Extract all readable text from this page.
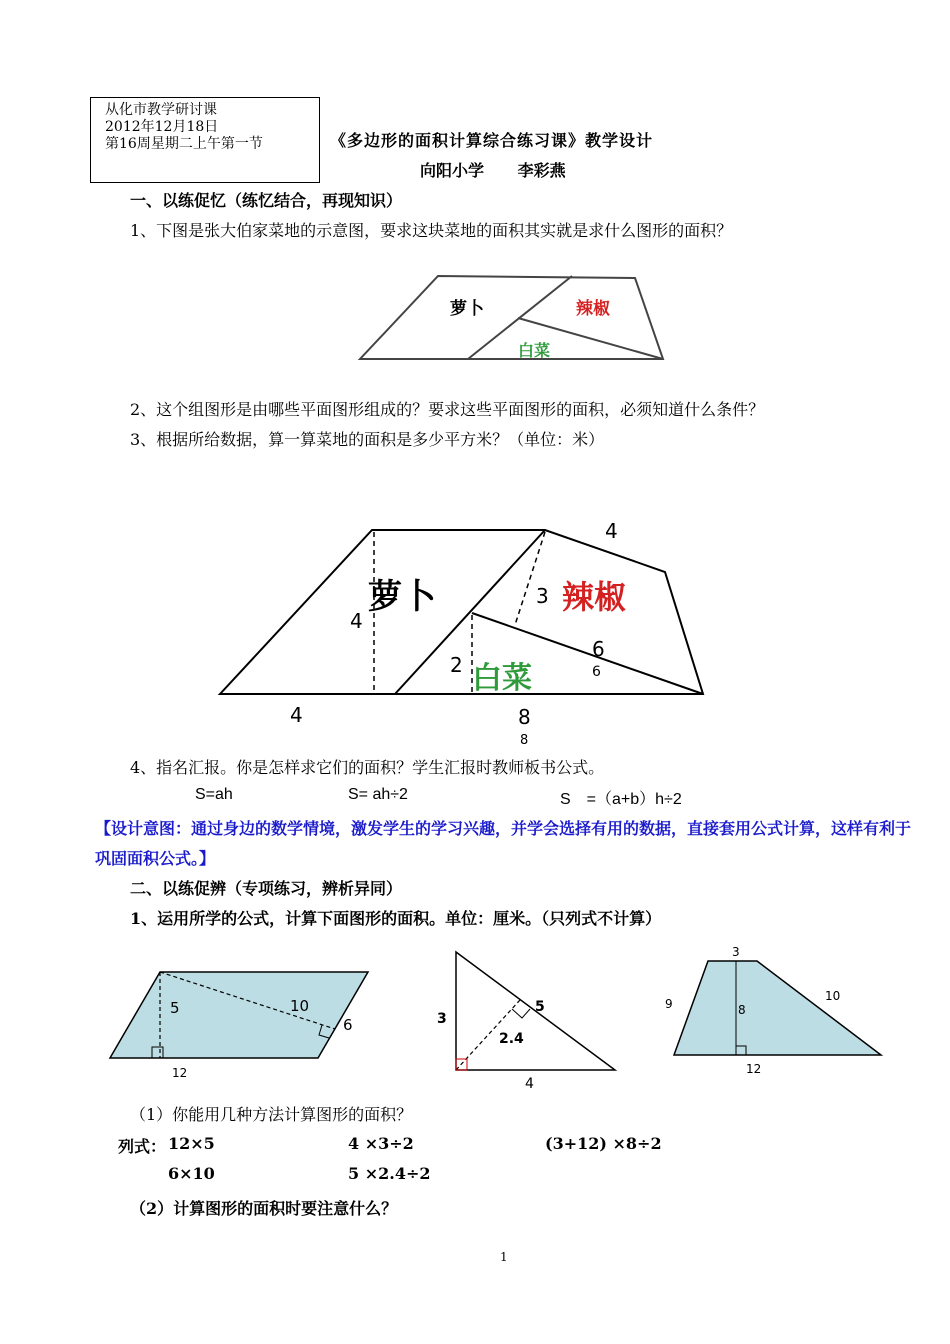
从化市教学研讨课
2012年12月18日
第16周星期二上午第一节	《多边形的面积计算综合练习课》教学设计
向阳小学 李彩燕
一、以练促忆（练忆结合，再现知识）
1、下图是张大伯家菜地的示意图，要求这块菜地的面积其实就是求什么图形的面积？
萝卜	辣椒
白菜
2、这个组图形是由哪些平面图形组成的？要求这些平面图形的面积，必须知道什么条件？
3、根据所给数据，算一算菜地的面积是多少平方米？（单位：米）
萝卜	辣椒
白菜
4
3
4
2
6
6
4	8
8
4、指名汇报。你是怎样求它们的面积？学生汇报时教师板书公式。
S=ah	S= ah÷2	S　=（a+b）h÷2
【设计意图：通过身边的数学情境，激发学生的学习兴趣，并学会选择有用的数据，直接套用公式计算，这样有利于巩固面积公式。】
二、以练促辨（专项练习，辨析异同）
1、运用所学的公式，计算下面图形的面积。单位：厘米。（只列式不计算）
5	10
6
12
3
5
2.4
4
3
9	8
10
12
（1）你能用几种方法计算图形的面积？
列式： 12×5	4 ×3÷2	(3+12) ×8÷2
6×10	5 ×2.4÷2
（2）计算图形的面积时要注意什么？
1
